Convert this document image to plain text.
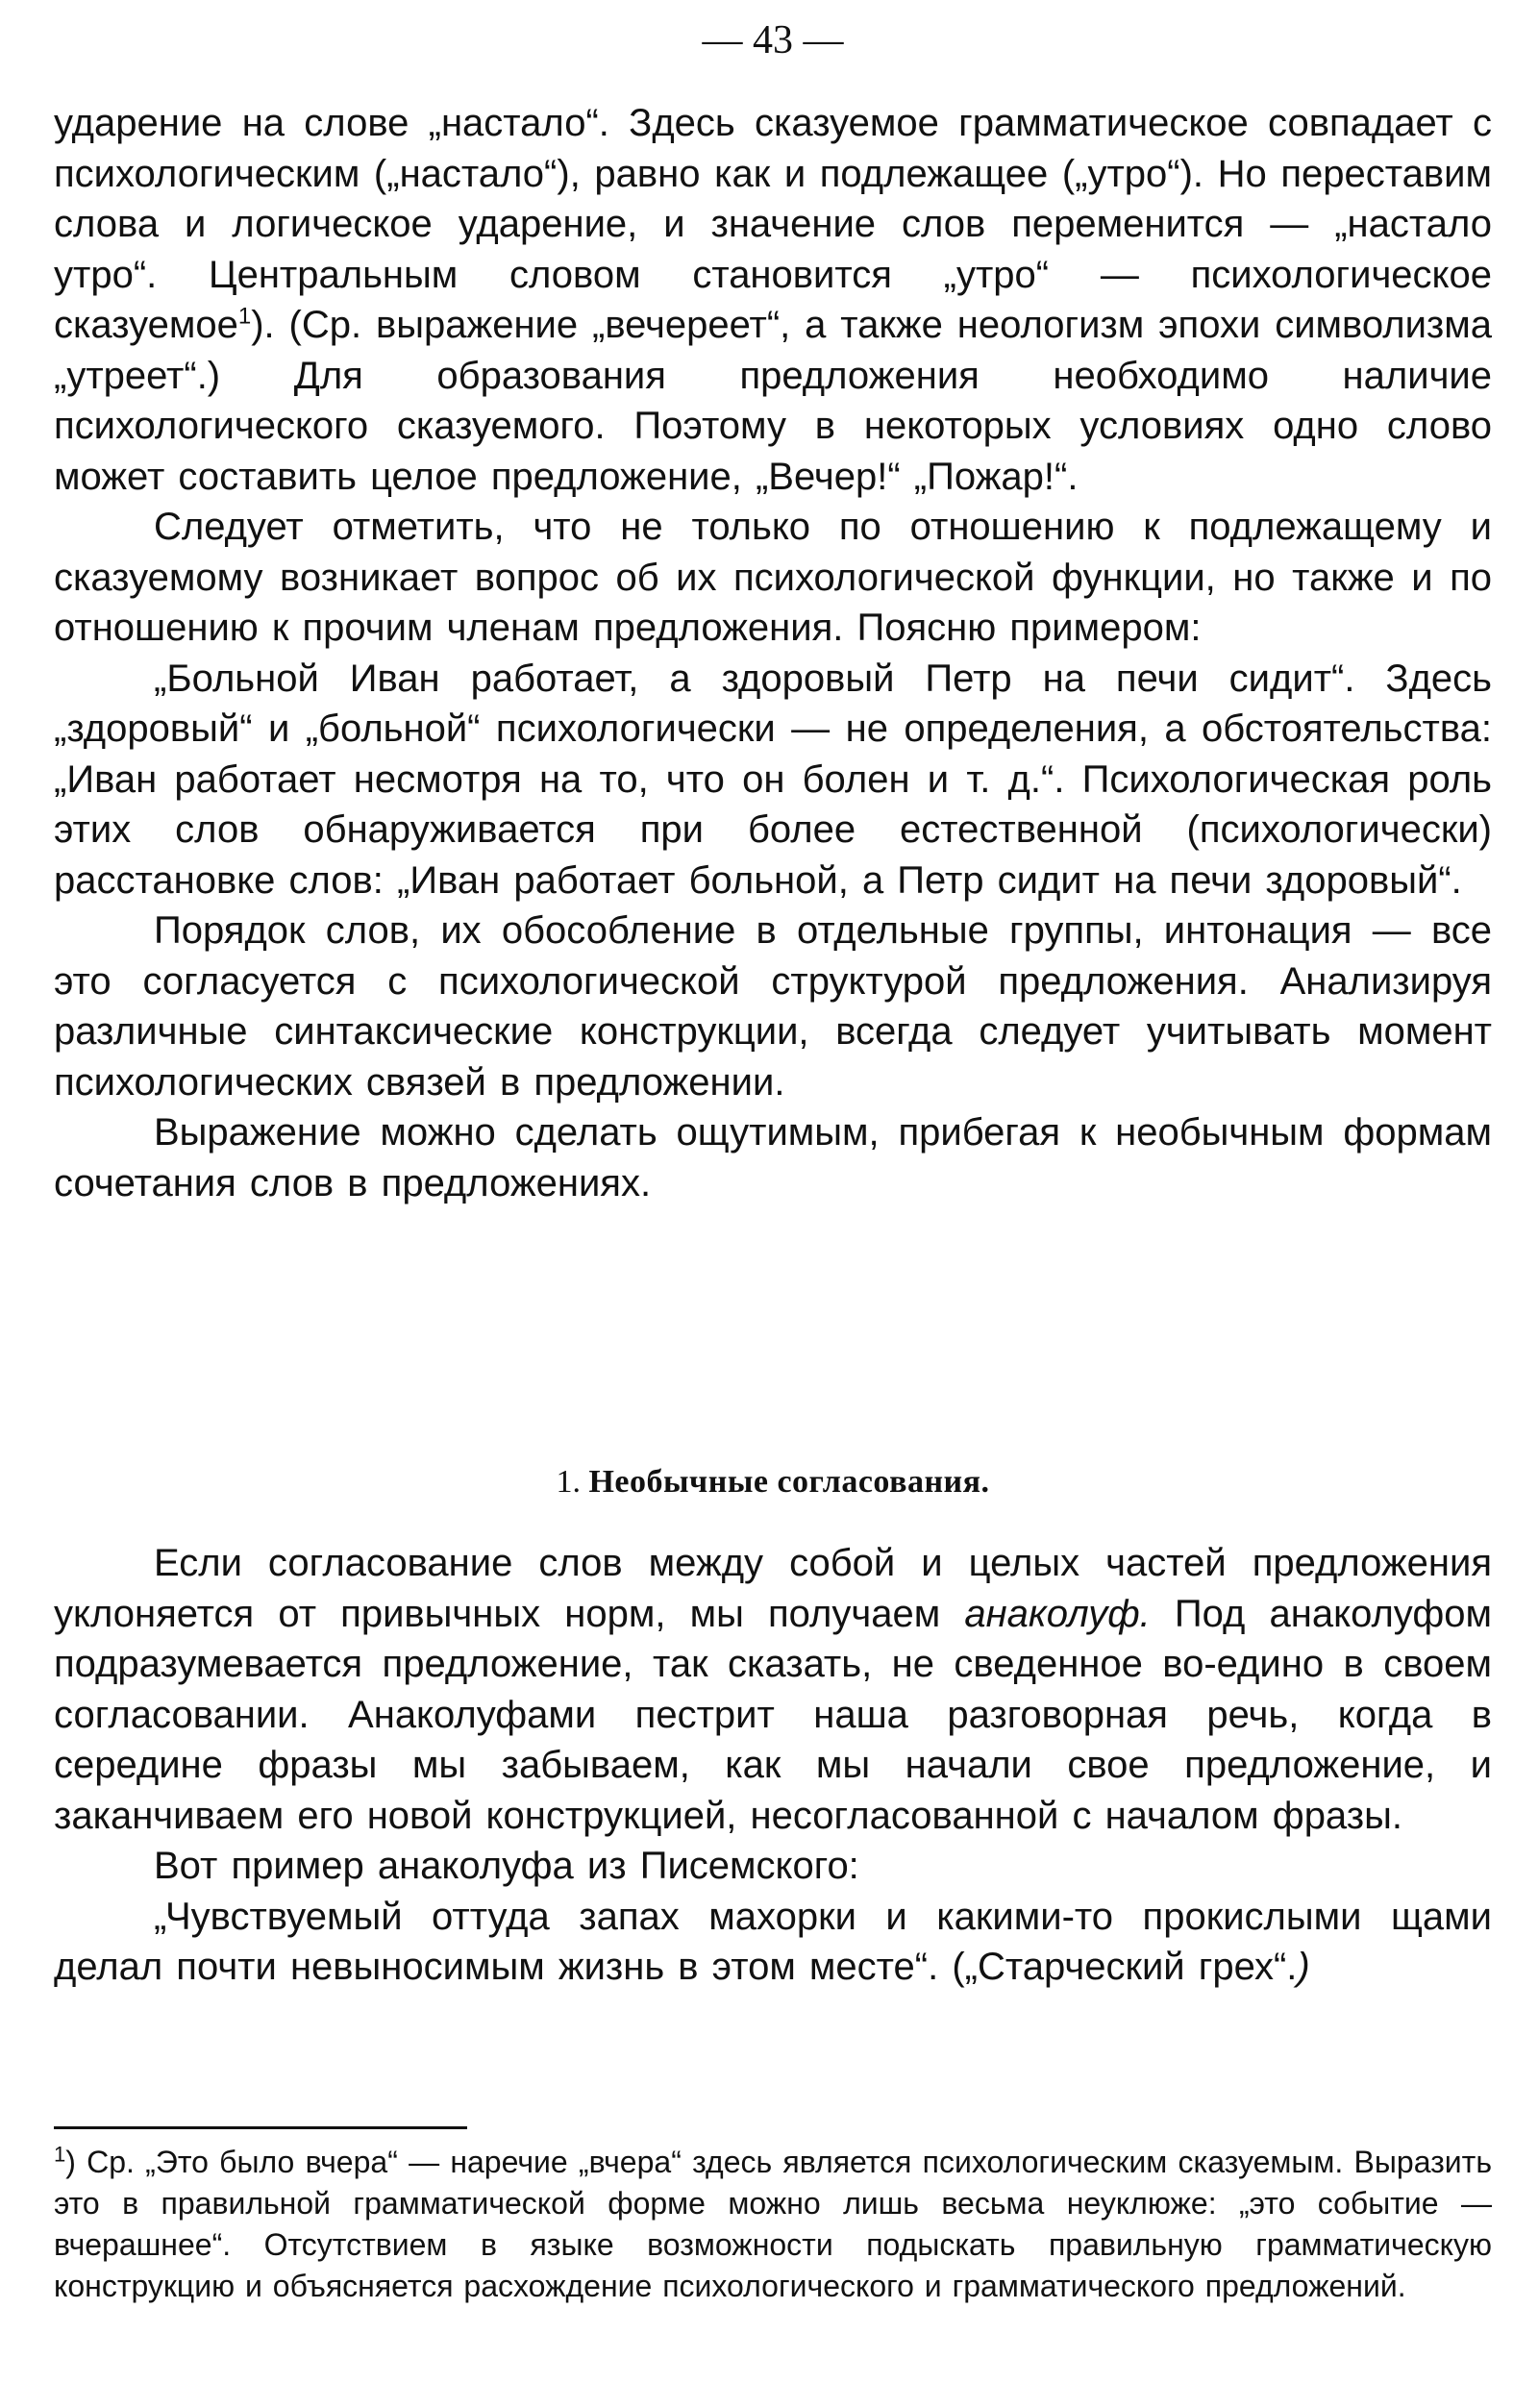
— 43 —

ударение на слове „настало“. Здесь сказуемое грамматическое совпадает с психологическим („настало“), равно как и подлежащее („утро“). Но переставим слова и логическое ударение, и значение слов переменится — „настало утро“. Центральным словом становится „утро“ — психологическое сказуемое$^1$). (Ср. выражение „вечереет“, а также неологизм эпохи символизма „утреет“.) Для образования предложения необходимо наличие психологического сказуемого. Поэтому в некоторых условиях одно слово может составить целое предложение, „Вечер!“ „Пожар!“.

Следует отметить, что не только по отношению к подлежащему и сказуемому возникает вопрос об их психологической функции, но также и по отношению к прочим членам предложения. Поясню примером:

„Больной Иван работает, а здоровый Петр на печи сидит“. Здесь „здоровый“ и „больной“ психологически — не определения, а обстоятельства: „Иван работает несмотря на то, что он болен и т. д.“. Психологическая роль этих слов обнаруживается при более естественной (психологически) расстановке слов: „Иван работает больной, а Петр сидит на печи здоровый“.

Порядок слов, их обособление в отдельные группы, интонация — все это согласуется с психологической структурой предложения. Анализируя различные синтаксические конструкции, всегда следует учитывать момент психологических связей в предложении.

Выражение можно сделать ощутимым, прибегая к необычным формам сочетания слов в предложениях.

1. Необычные согласования.

Если согласование слов между собой и целых частей предложения уклоняется от привычных норм, мы получаем анаколуф. Под анаколуфом подразумевается предложение, так сказать, не сведенное во-едино в своем согласовании. Анаколуфами пестрит наша разговорная речь, когда в середине фразы мы забываем, как мы начали свое предложение, и заканчиваем его новой конструкцией, несогласованной с началом фразы.

Вот пример анаколуфа из Писемского:

„Чувствуемый оттуда запах махорки и какими-то прокислыми щами делал почти невыносимым жизнь в этом месте“. („Старческий грех“.)

$^1$) Ср. „Это было вчера“ — наречие „вчера“ здесь является психологическим сказуемым. Выразить это в правильной грамматической форме можно лишь весьма неуклюже: „это событие — вчерашнее“. Отсутствием в языке возможности подыскать правильную грамматическую конструкцию и объясняется расхождение психологического и грамматического предложений.
